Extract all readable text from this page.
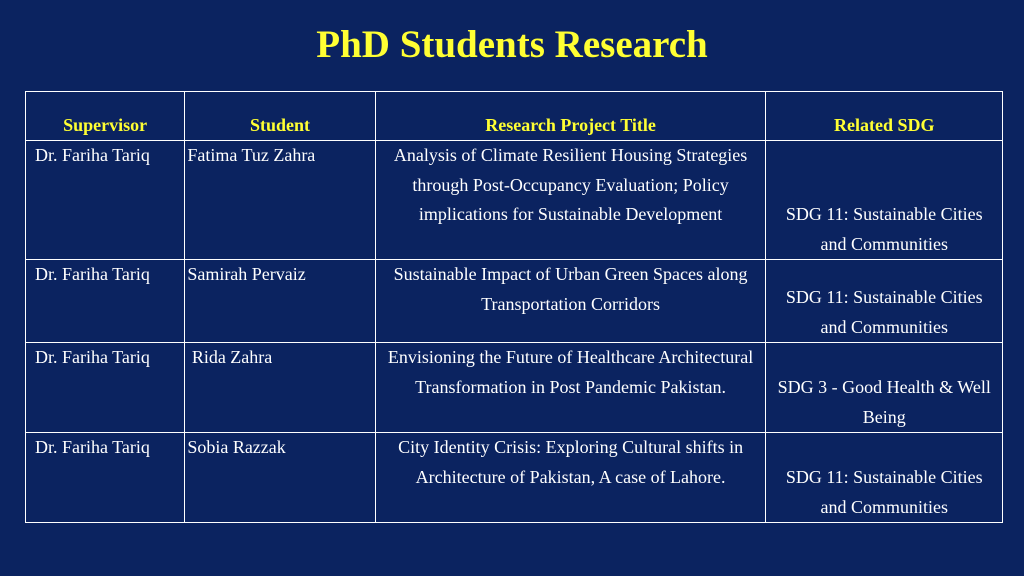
PhD Students Research
Supervisor	Student	Research Project Title	Related SDG
Dr. Fariha Tariq	Fatima Tuz Zahra	Analysis of Climate Resilient Housing Strategies through Post-Occupancy Evaluation; Policy implications for Sustainable Development	SDG 11: Sustainable Cities and Communities
Dr. Fariha Tariq	Samirah Pervaiz	Sustainable Impact of Urban Green Spaces along Transportation Corridors	SDG 11: Sustainable Cities and Communities
Dr. Fariha Tariq	Rida Zahra	Envisioning the Future of Healthcare Architectural Transformation in Post Pandemic Pakistan.	SDG 3 - Good Health & Well Being
Dr. Fariha Tariq	Sobia Razzak	City Identity Crisis: Exploring Cultural shifts in Architecture of Pakistan, A case of Lahore.	SDG 11: Sustainable Cities and Communities
